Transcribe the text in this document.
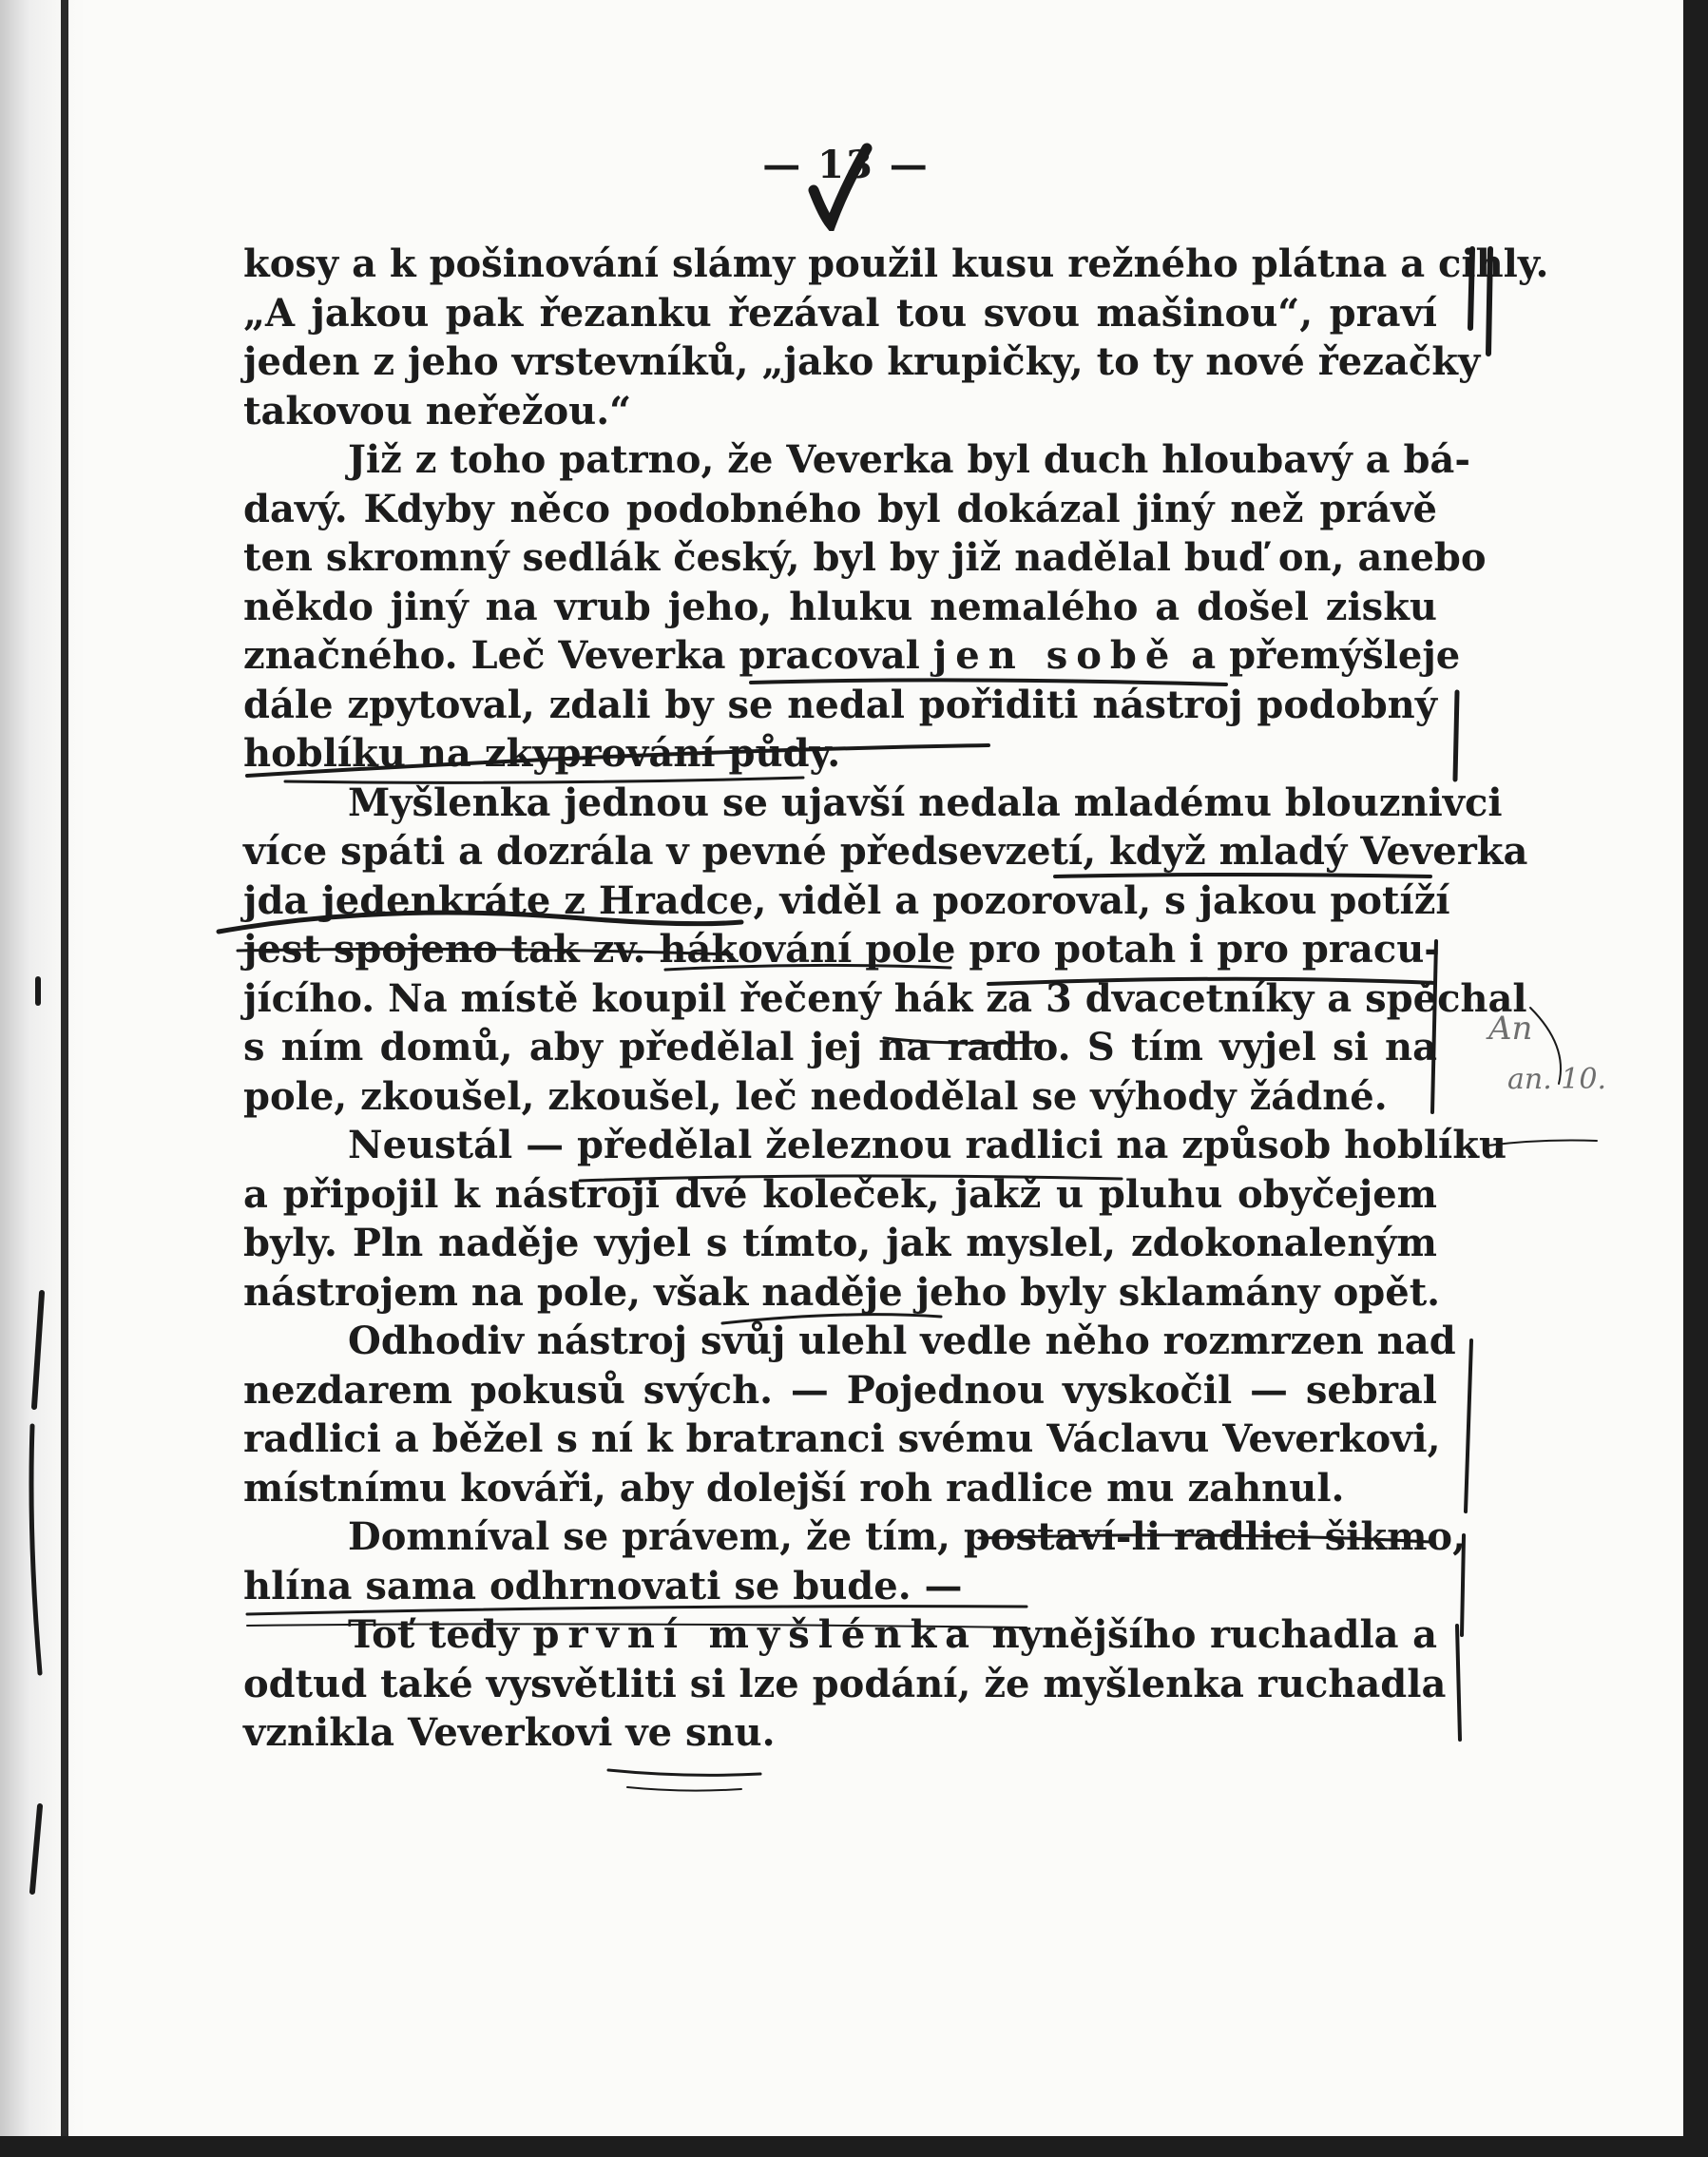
— 13 —
kosy a k pošinování slámy použil kusu režného plátna a cihly.
„A jakou pak řezanku řezával tou svou mašinou“, praví
jeden z jeho vrstevníků, „jako krupičky, to ty nové řezačky
takovou neřežou.“
Již z toho patrno, že Veverka byl duch hloubavý a bá-
davý. Kdyby něco podobného byl dokázal jiný než právě
ten skromný sedlák český, byl by již nadělal buď on, anebo
někdo jiný na vrub jeho, hluku nemalého a došel zisku
značného. Leč Veverka pracoval jen sobě a přemýšleje
dále zpytoval, zdali by se nedal pořiditi nástroj podobný
hoblíku na zkyprování půdy.
Myšlenka jednou se ujavší nedala mladému blouznivci
více spáti a dozrála v pevné předsevzetí, když mladý Veverka
jda jedenkráte z Hradce, viděl a pozoroval, s jakou potíží
jest spojeno tak zv. hákování pole pro potah i pro pracu-
jícího. Na místě koupil řečený hák za 3 dvacetníky a spěchal
s ním domů, aby předělal jej na radlo. S tím vyjel si na
pole, zkoušel, zkoušel, leč nedodělal se výhody žádné.
Neustál — předělal železnou radlici na způsob hoblíku
a připojil k nástroji dvé koleček, jakž u pluhu obyčejem
byly. Pln naděje vyjel s tímto, jak myslel, zdokonaleným
nástrojem na pole, však naděje jeho byly sklamány opět.
Odhodiv nástroj svůj ulehl vedle něho rozmrzen nad
nezdarem pokusů svých. — Pojednou vyskočil — sebral
radlici a běžel s ní k bratranci svému Václavu Veverkovi,
místnímu kováři, aby dolejší roh radlice mu zahnul.
Domníval se právem, že tím, postaví-li radlici šikmo,
hlína sama odhrnovati se bude. —
Toť tedy první myšlénka nynějšího ruchadla a
odtud také vysvětliti si lze podání, že myšlenka ruchadla
vznikla Veverkovi ve snu.
An
an. 10.
